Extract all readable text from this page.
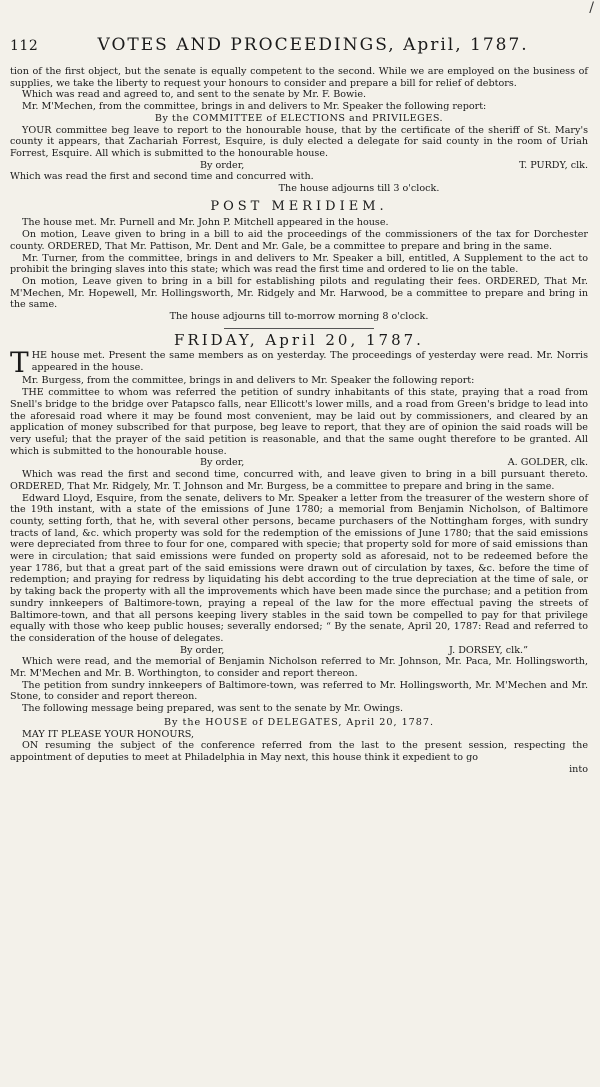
/
112	VOTES AND PROCEEDINGS, April, 1787.

tion of the first object, but the senate is equally competent to the second. While we are employed on the business of supplies, we take the liberty to request your honours to consider and prepare a bill for relief of debtors.

Which was read and agreed to, and sent to the senate by Mr. F. Bowie.

Mr. M'Mechen, from the committee, brings in and delivers to Mr. Speaker the following report:

By the COMMITTEE of ELECTIONS and PRIVILEGES.

YOUR committee beg leave to report to the honourable house, that by the certificate of the sheriff of St. Mary's county it appears, that Zachariah Forrest, Esquire, is duly elected a delegate for said county in the room of Uriah Forrest, Esquire. All which is submitted to the honourable house.

By order,	T. PURDY, clk.

Which was read the first and second time and concurred with.

The house adjourns till 3 o'clock.

POST MERIDIEM.

The house met. Mr. Purnell and Mr. John P. Mitchell appeared in the house.

On motion, Leave given to bring in a bill to aid the proceedings of the commissioners of the tax for Dorchester county. ORDERED, That Mr. Pattison, Mr. Dent and Mr. Gale, be a committee to prepare and bring in the same.

Mr. Turner, from the committee, brings in and delivers to Mr. Speaker a bill, entitled, A Supplement to the act to prohibit the bringing slaves into this state; which was read the first time and ordered to lie on the table.

On motion, Leave given to bring in a bill for establishing pilots and regulating their fees. ORDERED, That Mr. M'Mechen, Mr. Hopewell, Mr. Hollingsworth, Mr. Ridgely and Mr. Harwood, be a committee to prepare and bring in the same.

The house adjourns till to-morrow morning 8 o'clock.

FRIDAY, April 20, 1787.

THE house met. Present the same members as on yesterday. The proceedings of yesterday were read. Mr. Norris appeared in the house.

Mr. Burgess, from the committee, brings in and delivers to Mr. Speaker the following report:

THE committee to whom was referred the petition of sundry inhabitants of this state, praying that a road from Snell's bridge to the bridge over Patapsco falls, near Ellicott's lower mills, and a road from Green's bridge to lead into the aforesaid road where it may be found most convenient, may be laid out by commissioners, and cleared by an application of money subscribed for that purpose, beg leave to report, that they are of opinion the said roads will be very useful; that the prayer of the said petition is reasonable, and that the same ought therefore to be granted. All which is submitted to the honourable house.

By order,	A. GOLDER, clk.

Which was read the first and second time, concurred with, and leave given to bring in a bill pursuant thereto. ORDERED, That Mr. Ridgely, Mr. T. Johnson and Mr. Burgess, be a committee to prepare and bring in the same.

Edward Lloyd, Esquire, from the senate, delivers to Mr. Speaker a letter from the treasurer of the western shore of the 19th instant, with a state of the emissions of June 1780; a memorial from Benjamin Nicholson, of Baltimore county, setting forth, that he, with several other persons, became purchasers of the Nottingham forges, with sundry tracts of land, &c. which property was sold for the redemption of the emissions of June 1780; that the said emissions were depreciated from three to four for one, compared with specie; that property sold for more of said emissions than were in circulation; that said emissions were funded on property sold as aforesaid, not to be redeemed before the year 1786, but that a great part of the said emissions were drawn out of circulation by taxes, &c. before the time of redemption; and praying for redress by liquidating his debt according to the true depreciation at the time of sale, or by taking back the property with all the improvements which have been made since the purchase; and a petition from sundry innkeepers of Baltimore-town, praying a repeal of the law for the more effectual paving the streets of Baltimore-town, and that all persons keeping livery stables in the said town be compelled to pay for that privilege equally with those who keep public houses; severally endorsed; “ By the senate, April 20, 1787: Read and referred to the consideration of the house of delegates.

By order,	J. DORSEY, clk.”

Which were read, and the memorial of Benjamin Nicholson referred to Mr. Johnson, Mr. Paca, Mr. Hollingsworth, Mr. M'Mechen and Mr. B. Worthington, to consider and report thereon.

The petition from sundry innkeepers of Baltimore-town, was referred to Mr. Hollingsworth, Mr. M'Mechen and Mr. Stone, to consider and report thereon.

The following message being prepared, was sent to the senate by Mr. Owings.

By the HOUSE of DELEGATES, April 20, 1787.

MAY IT PLEASE YOUR HONOURS,

ON resuming the subject of the conference referred from the last to the present session, respecting the appointment of deputies to meet at Philadelphia in May next, this house think it expedient to go

into
